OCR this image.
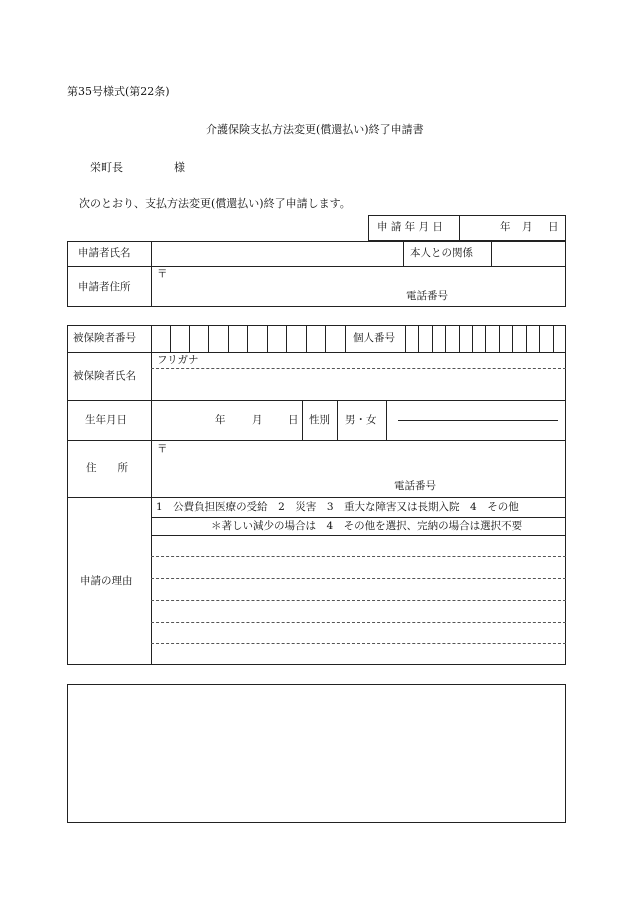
第35号様式(第22条)
介護保険支払方法変更(償還払い)終了申請書
栄町長	様
次のとおり、支払方法変更(償還払い)終了申請します。
申 請 年 月 日	年 月 日
申請者氏名	本人との関係
申請者住所
〒
電話番号
被保険者番号	個人番号
被保険者氏名
フリガナ
生年月日	年	月 日 性別 男・女
住　　所
〒
電話番号
申請の理由
1　公費負担医療の受給　2　災害　3　重大な障害又は長期入院　4　その他
＊著しい減少の場合は　4　その他を選択、完納の場合は選択不要
